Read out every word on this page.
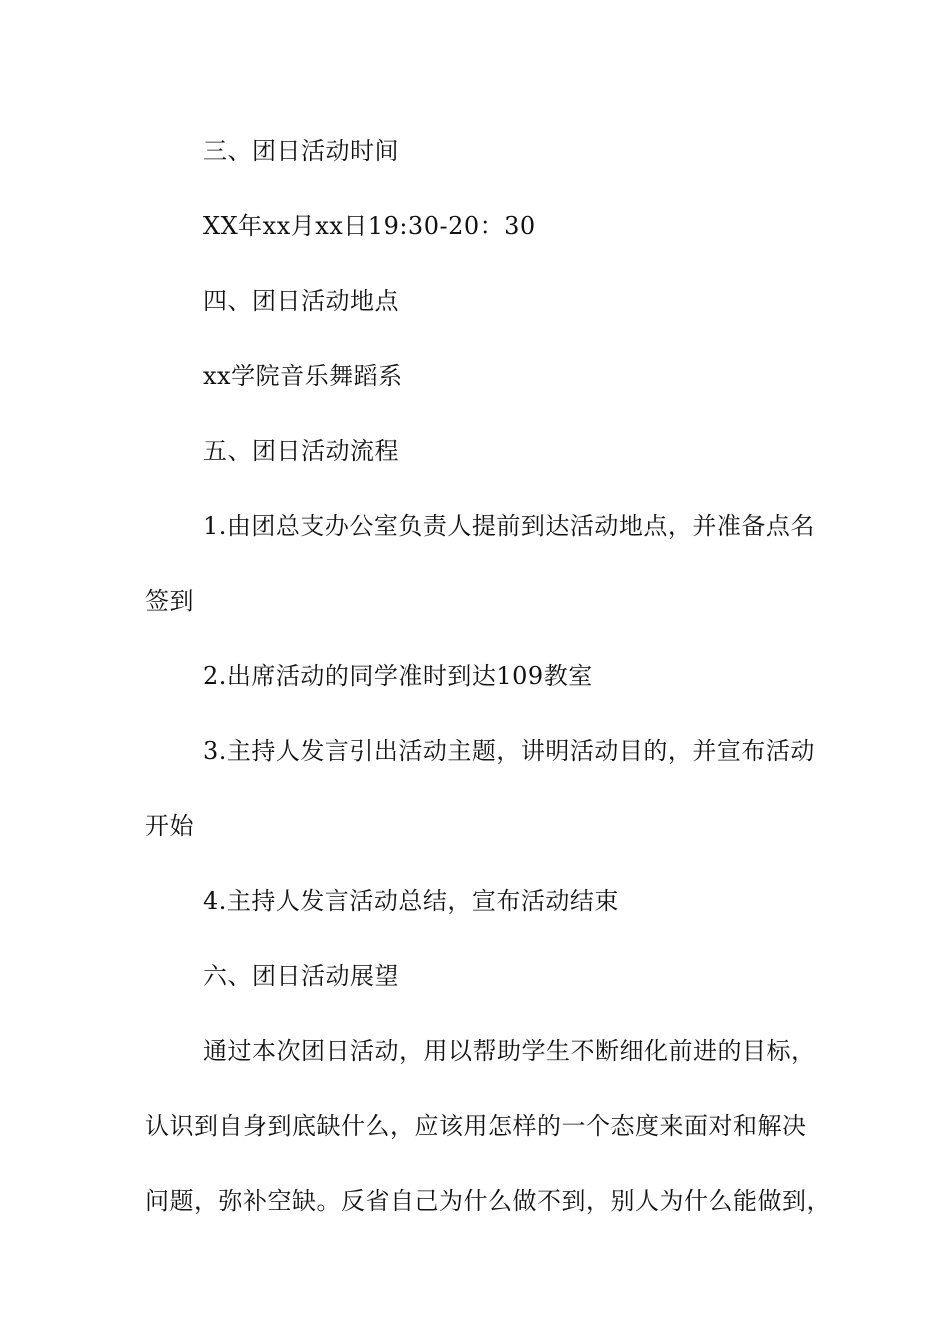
三、团日活动时间
XX年xx月xx日19:30-20：30
四、团日活动地点
xx学院音乐舞蹈系
五、团日活动流程
1.由团总支办公室负责人提前到达活动地点，并准备点名
签到
2.出席活动的同学准时到达109教室
3.主持人发言引出活动主题，讲明活动目的，并宣布活动
开始
4.主持人发言活动总结，宣布活动结束
六、团日活动展望
通过本次团日活动，用以帮助学生不断细化前进的目标，
认识到自身到底缺什么，应该用怎样的一个态度来面对和解决
问题，弥补空缺。反省自己为什么做不到，别人为什么能做到，
